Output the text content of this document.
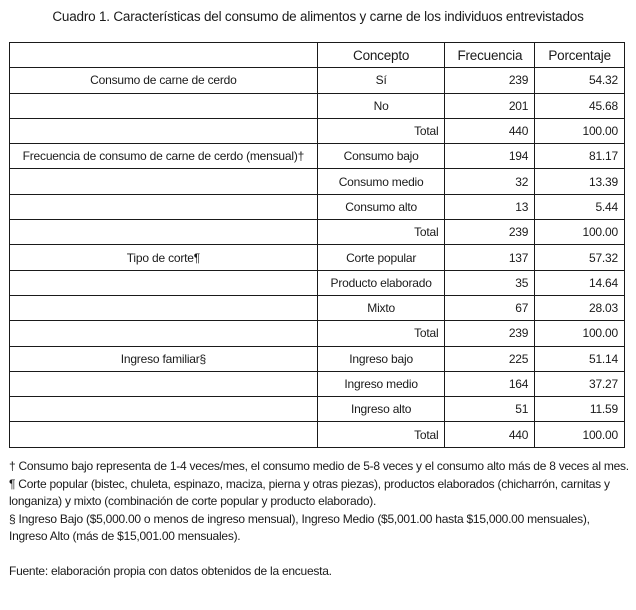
Cuadro 1. Características del consumo de alimentos y carne de los individuos entrevistados
	Concepto	Frecuencia	Porcentaje
Consumo de carne de cerdo	Sí	239	54.32
	No	201	45.68
	Total	440	100.00
Frecuencia de consumo de carne de cerdo (mensual)†	Consumo bajo	194	81.17
	Consumo medio	32	13.39
	Consumo alto	13	5.44
	Total	239	100.00
Tipo de corte¶	Corte popular	137	57.32
	Producto elaborado	35	14.64
	Mixto	67	28.03
	Total	239	100.00
Ingreso familiar§	Ingreso bajo	225	51.14
	Ingreso medio	164	37.27
	Ingreso alto	51	11.59
	Total	440	100.00

† Consumo bajo representa de 1-4 veces/mes, el consumo medio de 5-8 veces y el consumo alto más de 8 veces al mes.

¶ Corte popular (bistec, chuleta, espinazo, maciza, pierna y otras piezas), productos elaborados (chicharrón, carnitas y longaniza) y mixto (combinación de corte popular y producto elaborado).

§ Ingreso Bajo ($5,000.00 o menos de ingreso mensual), Ingreso Medio ($5,001.00 hasta $15,000.00 mensuales), Ingreso Alto (más de $15,001.00 mensuales).

Fuente: elaboración propia con datos obtenidos de la encuesta.
